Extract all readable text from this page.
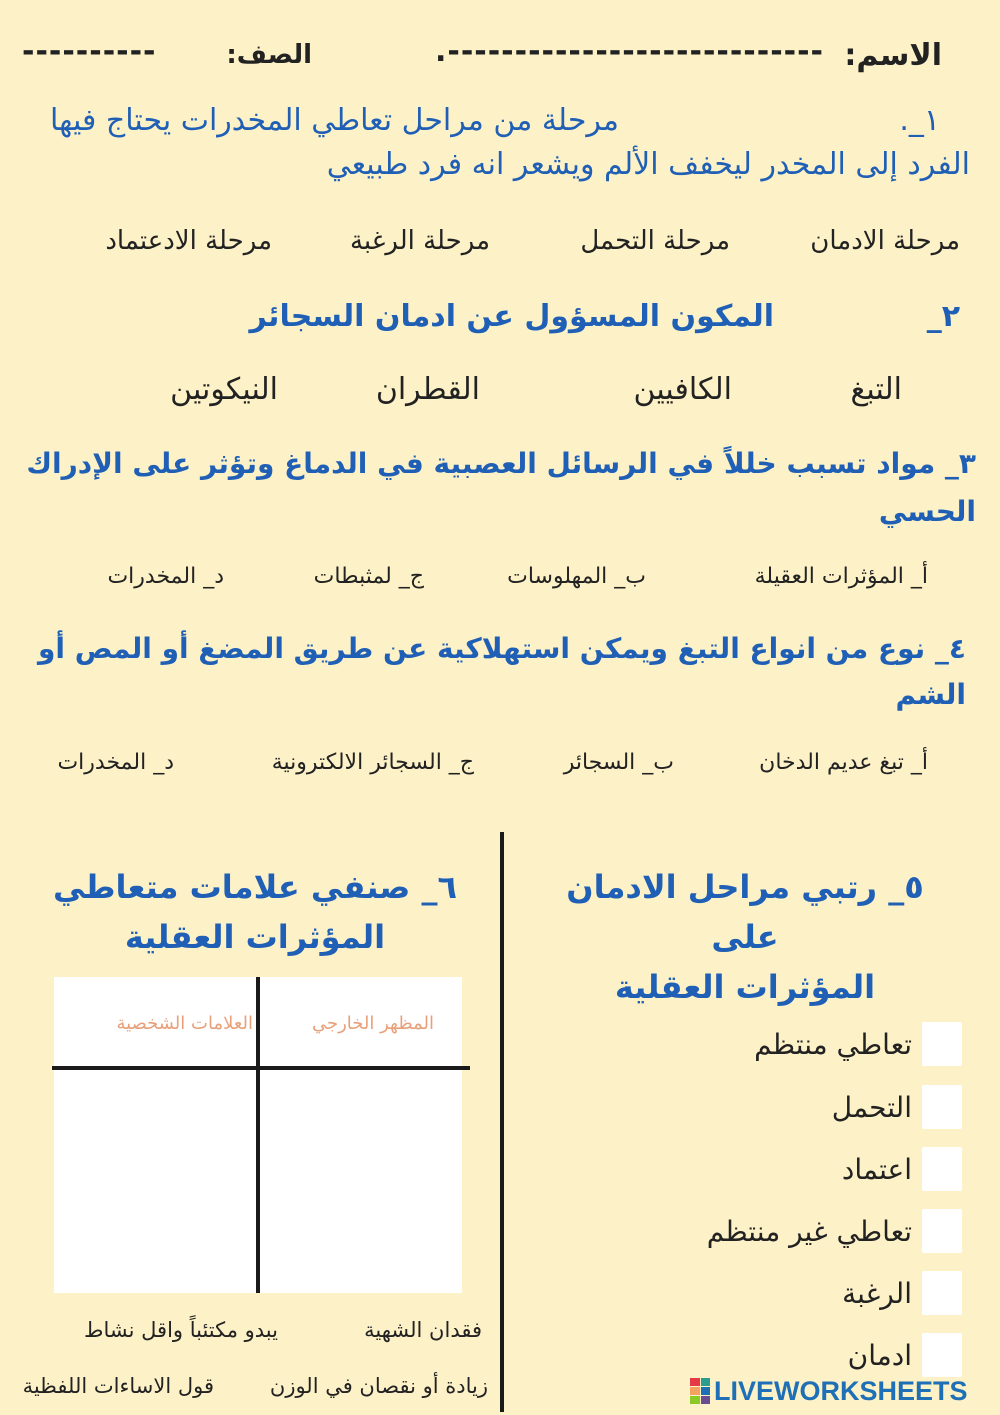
الاسم:
----------------------------.
الصف:
----------
١_.
مرحلة من مراحل تعاطي المخدرات يحتاج فيها
الفرد إلى المخدر ليخفف الألم ويشعر انه فرد طبيعي
مرحلة الادمان
مرحلة التحمل
مرحلة الرغبة
مرحلة الادعتماد
٢_
المكون المسؤول عن ادمان السجائر
التبغ
الكافيين
القطران
النيكوتين
٣_ مواد تسبب خللاً في الرسائل العصبية في الدماغ وتؤثر على الإدراك
الحسي
أ_ المؤثرات العقيلة
ب_ المهلوسات
ج_ لمثبطات
د_ المخدرات
٤_ نوع من انواع التبغ ويمكن استهلاكية عن طريق المضغ أو المص أو
الشم
أ_ تبغ عديم الدخان
ب_ السجائر
ج_ السجائر الالكترونية
د_ المخدرات
٥_ رتبي مراحل الادمان على
المؤثرات العقلية
تعاطي منتظم
التحمل
اعتماد
تعاطي غير منتظم
الرغبة
ادمان
٦_ صنفي علامات متعاطي
المؤثرات العقلية
المظهر الخارجي
العلامات الشخصية
فقدان الشهية
يبدو مكتئباً واقل نشاط
زيادة أو نقصان في الوزن
قول الاساءات اللفظية	LIVEWORKSHEETS
